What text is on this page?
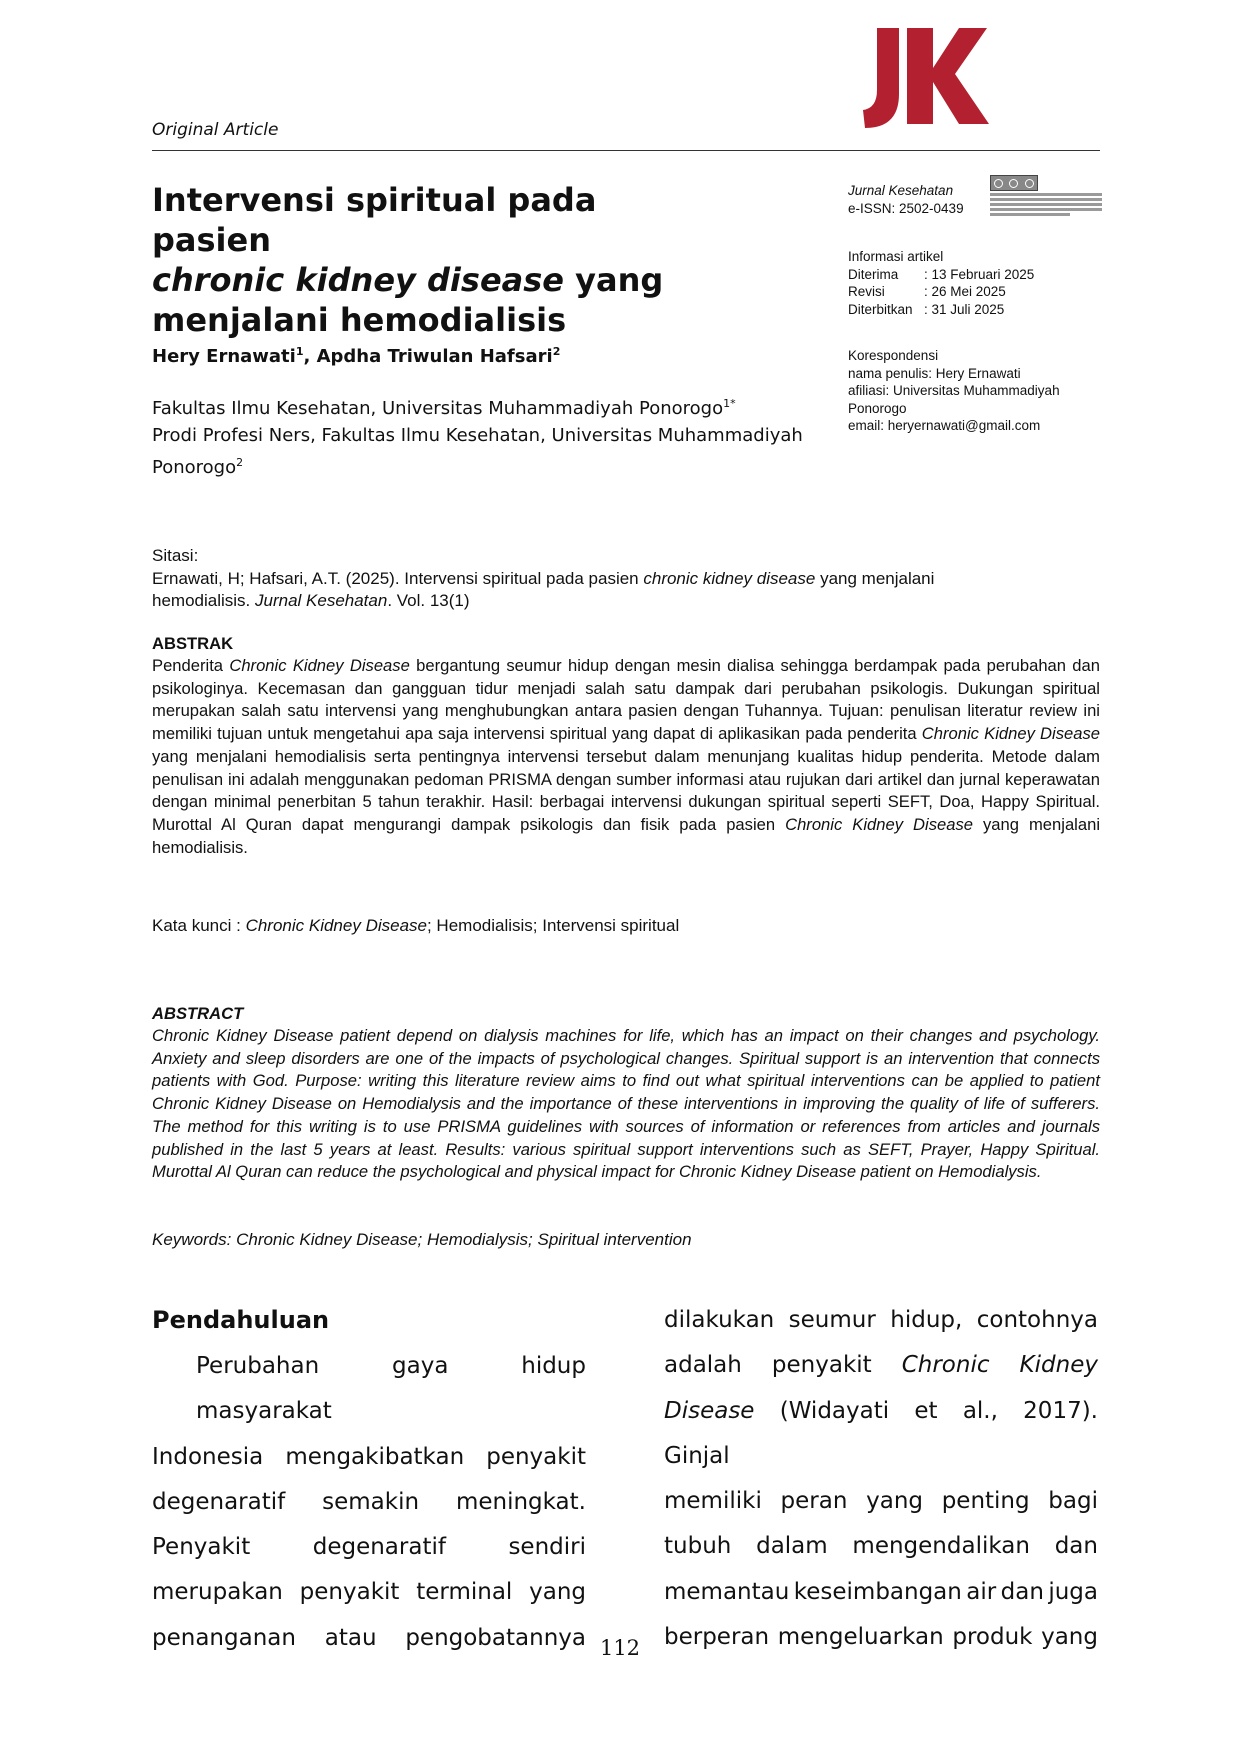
Original Article
Intervensi spiritual pada pasien
chronic kidney disease yang
menjalani hemodialisis
Jurnal Kesehatan
e-ISSN: 2502-0439
Informasi artikel
Diterima	: 13 Februari 2025
Revisi	: 26 Mei 2025
Diterbitkan : 31 Juli 2025
Korespondensi
nama penulis: Hery Ernawati
afiliasi: Universitas Muhammadiyah
Ponorogo
email: heryernawati@gmail.com
Hery Ernawati$^1$, Apdha Triwulan Hafsari$^2$
Fakultas Ilmu Kesehatan, Universitas Muhammadiyah Ponorogo$^{1*}$
Prodi Profesi Ners, Fakultas Ilmu Kesehatan, Universitas Muhammadiyah
Ponorogo$^2$
Sitasi:
Ernawati, H; Hafsari, A.T. (2025). Intervensi spiritual pada pasien chronic kidney disease yang menjalani
hemodialisis. Jurnal Kesehatan. Vol. 13(1)
ABSTRAK
Penderita Chronic Kidney Disease bergantung seumur hidup dengan mesin dialisa sehingga berdampak pada perubahan dan psikologinya. Kecemasan dan gangguan tidur menjadi salah satu dampak dari perubahan psikologis. Dukungan spiritual merupakan salah satu intervensi yang menghubungkan antara pasien dengan Tuhannya. Tujuan: penulisan literatur review ini memiliki tujuan untuk mengetahui apa saja intervensi spiritual yang dapat di aplikasikan pada penderita Chronic Kidney Disease yang menjalani hemodialisis serta pentingnya intervensi tersebut dalam menunjang kualitas hidup penderita. Metode dalam penulisan ini adalah menggunakan pedoman PRISMA dengan sumber informasi atau rujukan dari artikel dan jurnal keperawatan dengan minimal penerbitan 5 tahun terakhir. Hasil: berbagai intervensi dukungan spiritual seperti SEFT, Doa, Happy Spiritual. Murottal Al Quran dapat mengurangi dampak psikologis dan fisik pada pasien Chronic Kidney Disease yang menjalani hemodialisis.
Kata kunci : Chronic Kidney Disease; Hemodialisis; Intervensi spiritual
ABSTRACT
Chronic Kidney Disease patient depend on dialysis machines for life, which has an impact on their changes and psychology. Anxiety and sleep disorders are one of the impacts of psychological changes. Spiritual support is an intervention that connects patients with God. Purpose: writing this literature review aims to find out what spiritual interventions can be applied to patient Chronic Kidney Disease on Hemodialysis and the importance of these interventions in improving the quality of life of sufferers. The method for this writing is to use PRISMA guidelines with sources of information or references from articles and journals published in the last 5 years at least. Results: various spiritual support interventions such as SEFT, Prayer, Happy Spiritual. Murottal Al Quran can reduce the psychological and physical impact for Chronic Kidney Disease patient on Hemodialysis.
Keywords: Chronic Kidney Disease; Hemodialysis; Spiritual intervention
Pendahuluan
Perubahan gaya hidup masyarakat
Indonesia mengakibatkan penyakit
degenaratif semakin meningkat.
Penyakit	degenaratif	sendiri
merupakan penyakit terminal yang
penanganan atau pengobatannya
dilakukan seumur hidup, contohnya
adalah penyakit Chronic Kidney
Disease (Widayati et al., 2017). Ginjal
memiliki peran yang penting bagi
tubuh dalam mengendalikan dan
memantau keseimbangan air dan juga
berperan mengeluarkan produk yang
112
